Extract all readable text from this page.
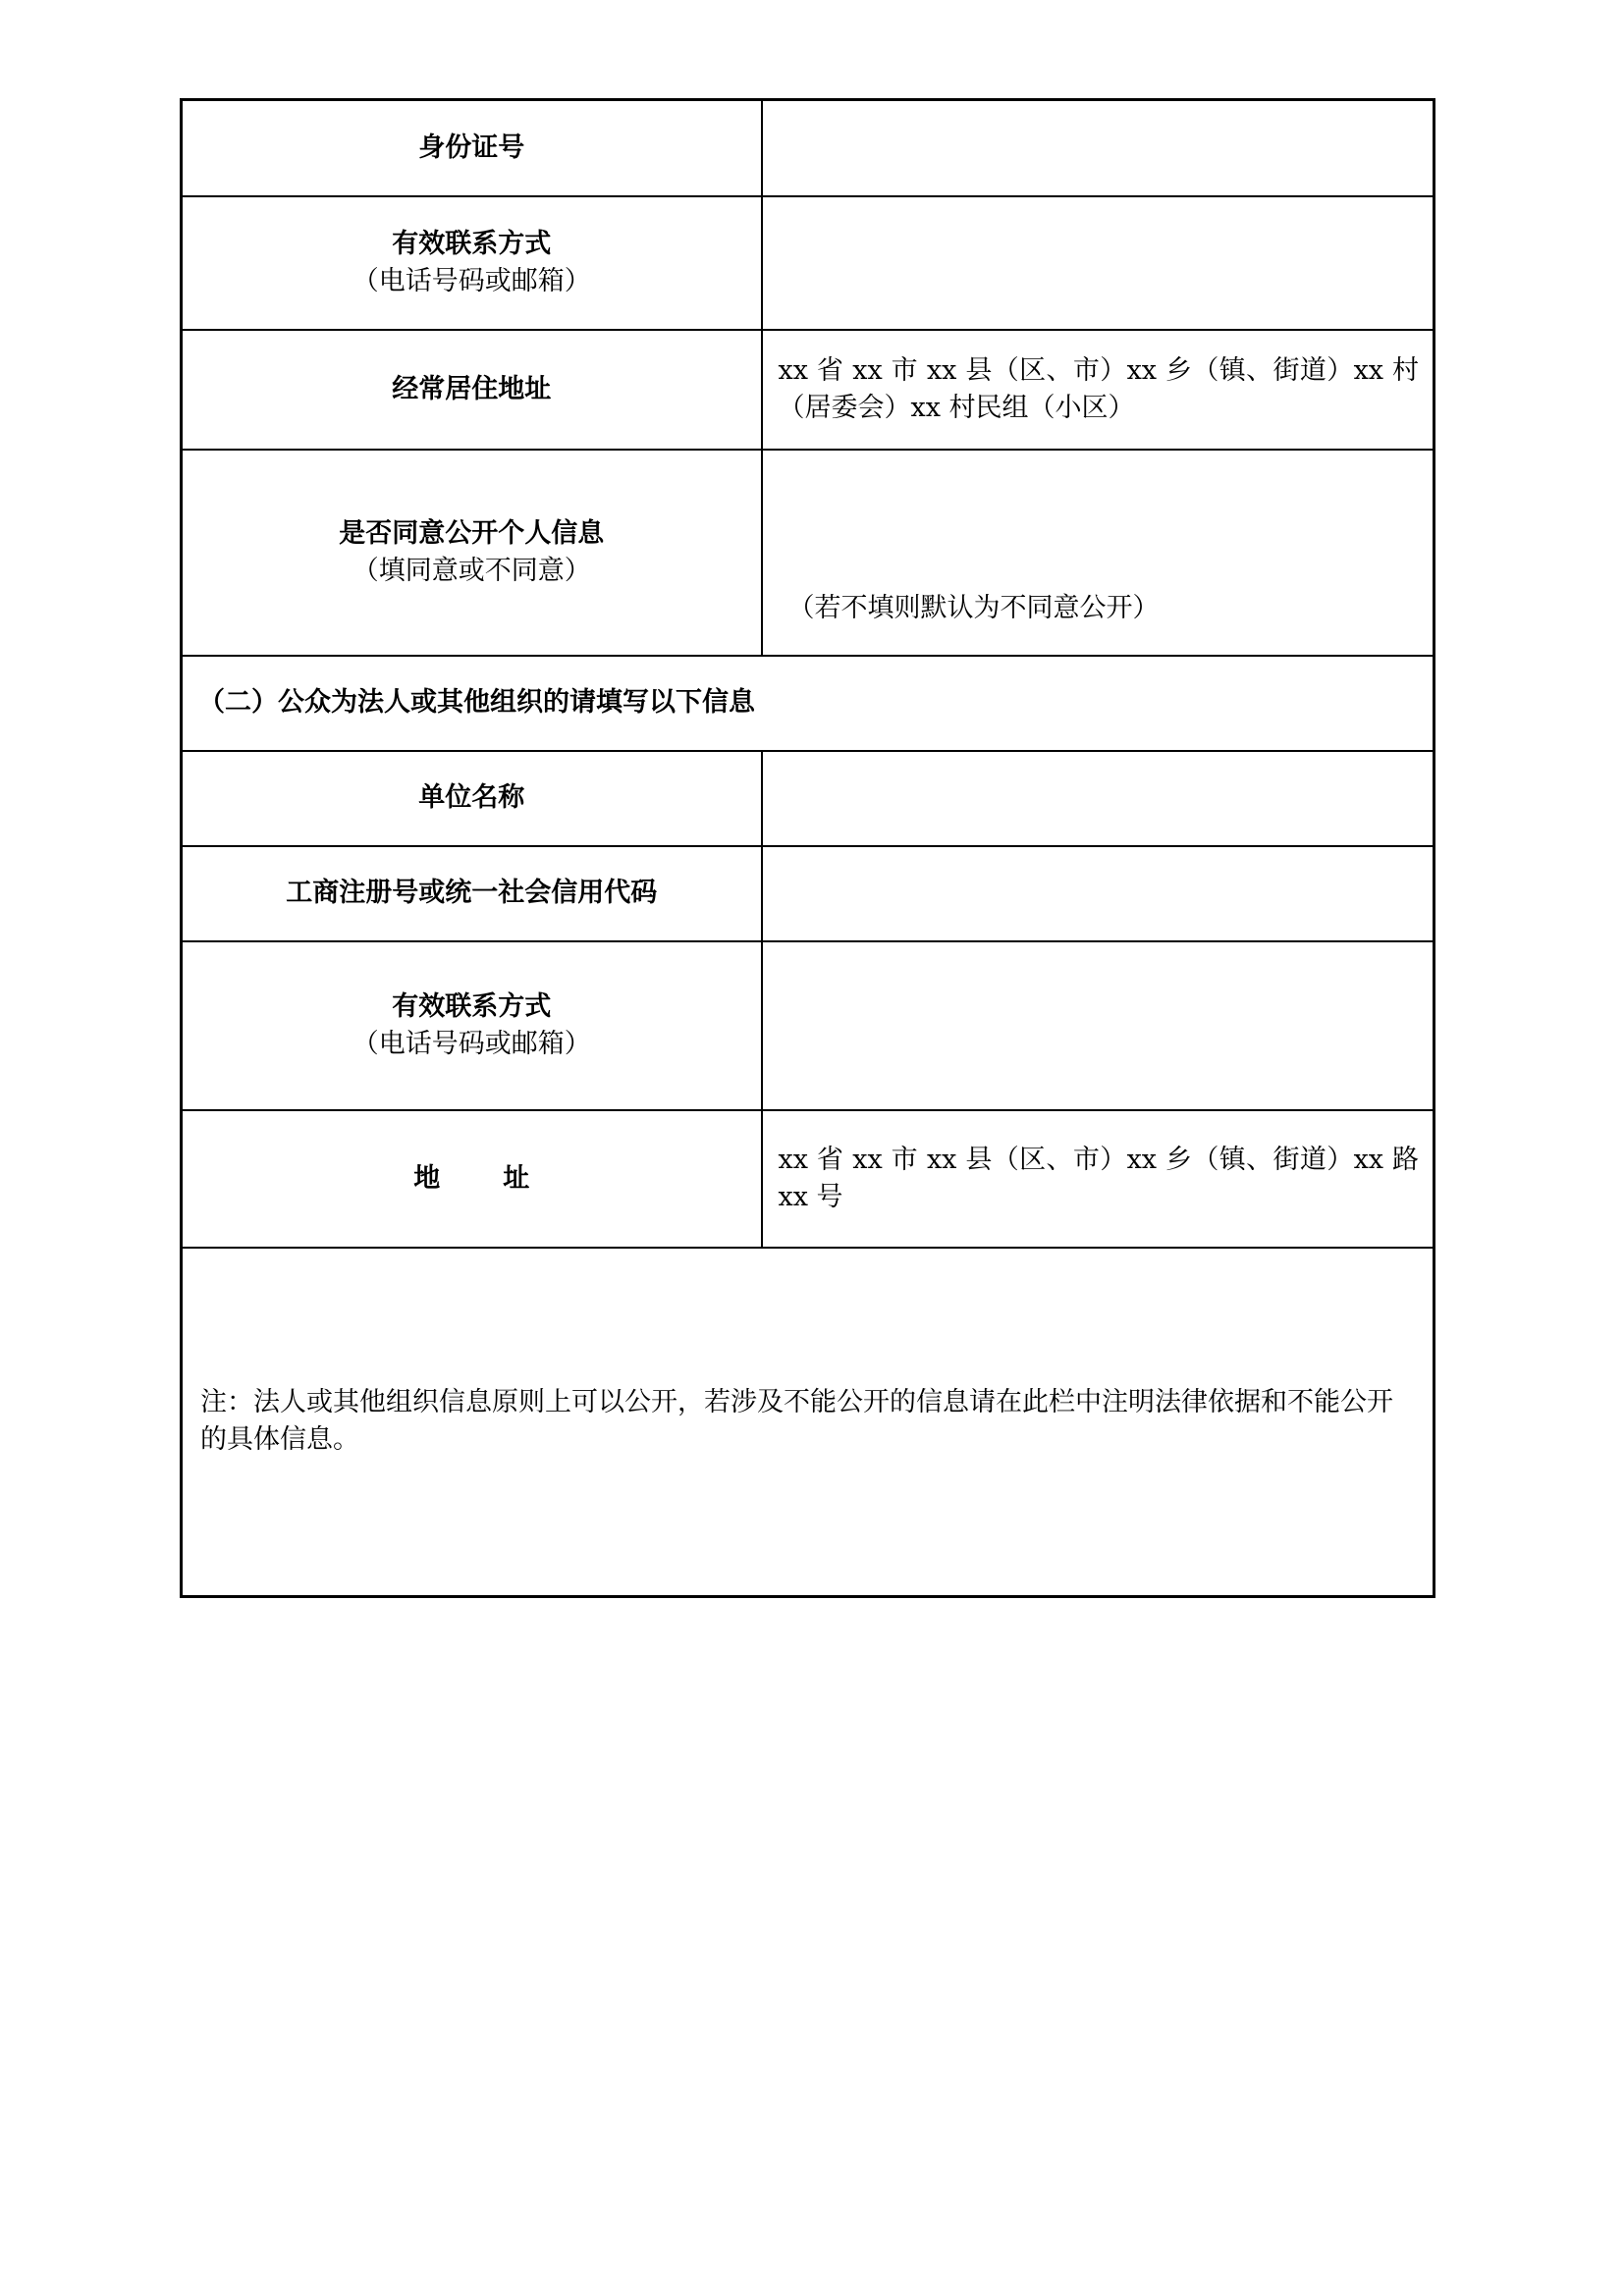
身份证号	

有效联系方式
（电话号码或邮箱）	

经常居住地址	xx 省 xx 市 xx 县（区、市）xx 乡（镇、街道）xx 村（居委会）xx 村民组（小区）

是否同意公开个人信息
（填同意或不同意）	（若不填则默认为不同意公开）

（二）公众为法人或其他组织的请填写以下信息	

单位名称	

工商注册号或统一社会信用代码	

有效联系方式
（电话号码或邮箱）	

地址	xx 省 xx 市 xx 县（区、市）xx 乡（镇、街道）xx 路 xx 号

注：法人或其他组织信息原则上可以公开，若涉及不能公开的信息请在此栏中注明法律依据和不能公开的具体信息。	
